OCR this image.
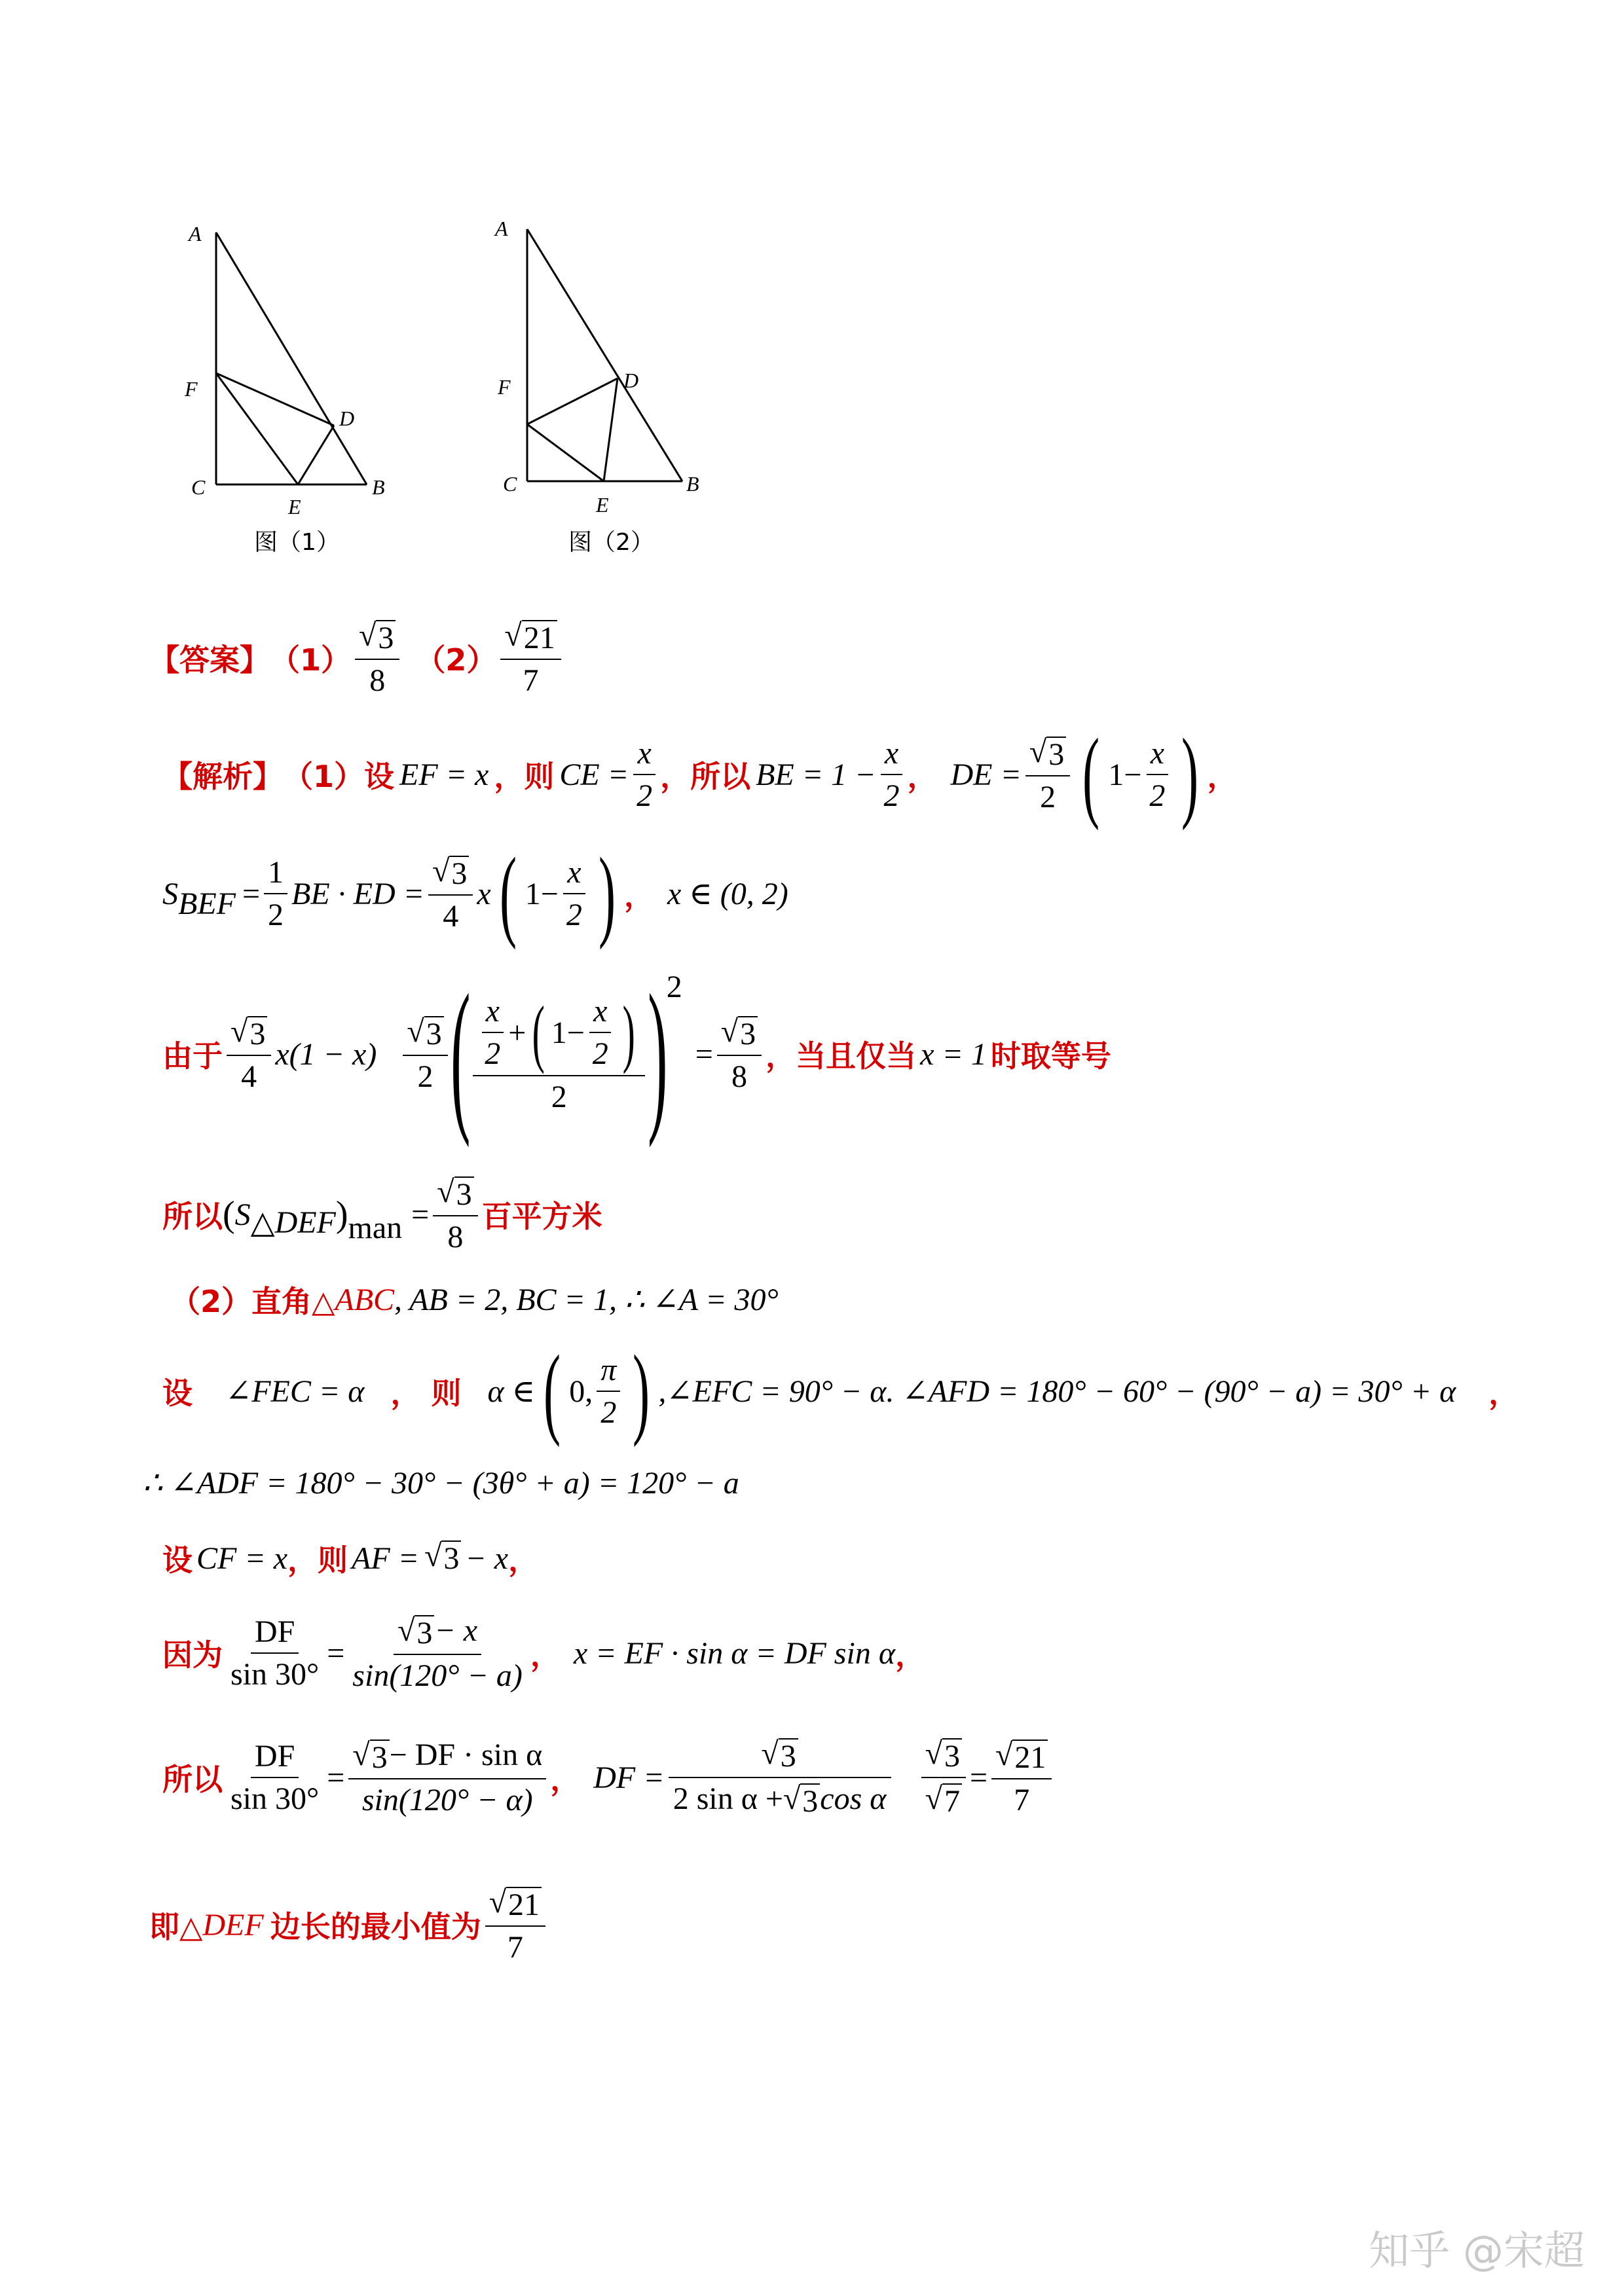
A
F
C
D
E
B
图（1）
A
F
C
D
E
B
图（2）
【答案】 $(1) \frac{√ 3}{8} (2) \frac{√ 21}{7}$
【解析】 （1）设 EF = x ，则 CE = $\frac{x}{2}$ ，所以 BE = $1 - \frac{x}{2}$ ， DE = $\frac{√ 3}{2}$ ( $1 - \frac{x}{2}$ ) ，
S BEF = $\frac{1}{2}$ BE · ED = $\frac{√ 3}{4}$ x ( $1 - \frac{x}{2}$ ) ， x ∈ (0, 2)
由于 $\frac{√ 3}{4} x(1 - x) \frac{√ 3}{2}$ ( $\frac{\frac{x}{2} + ( 1 - \frac{x}{2} )}{2}$ )
2
= $\frac{√ 3}{8}$ ，当且仅当 x = 1 时取等号
所以 ( S △DEF ) man = $\frac{√ 3}{8}$ 百平方米
（2）直角△ ABC , AB = 2, BC = 1, ∴ ∠A = 30°
设 ∠FEC = α ， 则 α ∈ ( 0 , $\frac{\pi}{2}$ ) ,∠EFC = 90° − α. ∠AFD = 180° − 60° − (90° − a) = 30° + α ，
∴ ∠ADF = 180° − 30° − (3θ° + a) = 120° − a
设 CF = x ，则 AF = √ 3 − x ，
因为 $\frac{DF}{\sin 30^\circ} = \frac{√ 3 - x}{\sin(120^\circ - a)}$ ， x = EF · sin α = DF sin α ，
所以 $\frac{DF}{\sin 30^\circ} = \frac{\text{√ 3 − DF · sin α}}{\sin(120^\circ - \alpha)}$ ， DF = $\frac{√ 3}{\text{2 sin α + √ 3 cos α}} \frac{√ 3}{√ 7} = \frac{√ 21}{7}$
即△ DEF 边长的最小值为 $\frac{√ 21}{7}$
知乎 @宋超
